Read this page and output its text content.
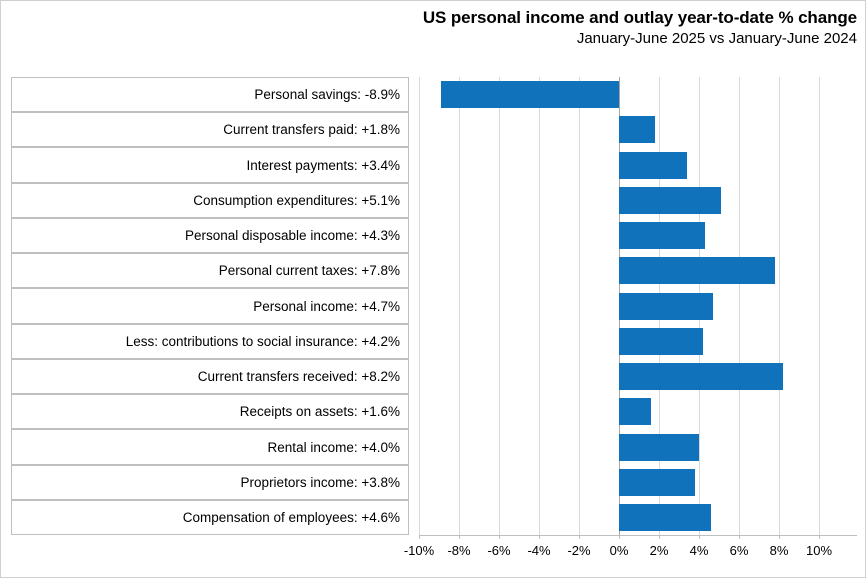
US personal income and outlay year-to-date % change
January-June 2025 vs January-June 2024
Personal savings: -8.9%
Current transfers paid: +1.8%
Interest payments: +3.4%
Consumption expenditures: +5.1%
Personal disposable income: +4.3%
Personal current taxes: +7.8%
Personal income: +4.7%
Less: contributions to social insurance: +4.2%
Current transfers received: +8.2%
Receipts on assets: +1.6%
Rental income: +4.0%
Proprietors income: +3.8%
Compensation of employees: +4.6%
-10% -8% -6% -4% -2% 0% 2% 4% 6% 8% 10%
